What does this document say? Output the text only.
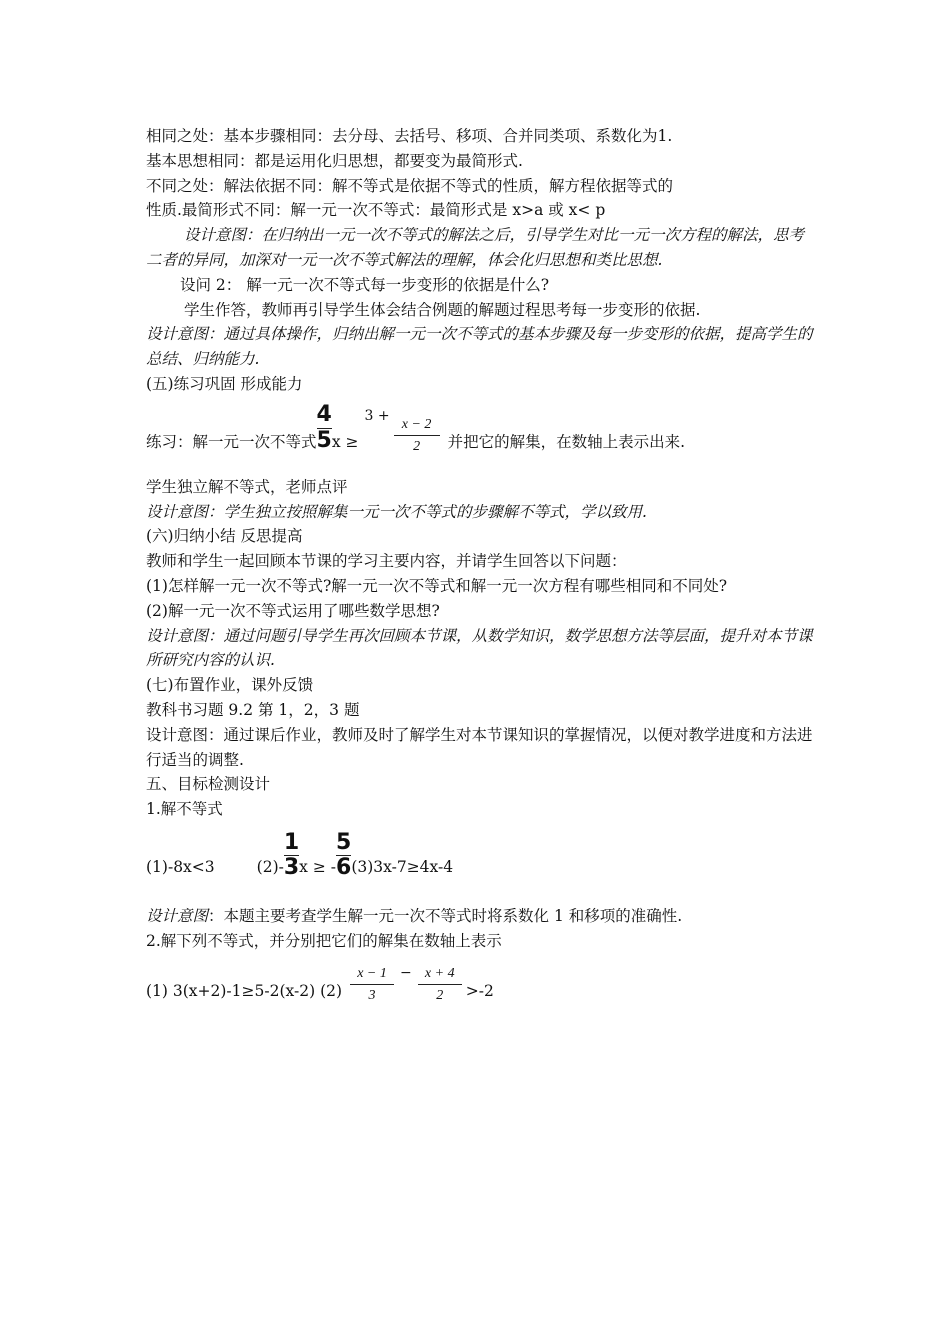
相同之处：基本步骤相同：去分母、去括号、移项、合并同类项、系数化为1.

基本思想相同：都是运用化归思想，都要变为最简形式.

不同之处：解法依据不同：解不等式是依据不等式的性质，解方程依据等式的

性质.最简形式不同：解一元一次不等式：最简形式是 x>a 或 x< p

设计意图：在归纳出一元一次不等式的解法之后，引导学生对比一元一次方程的解法，思考二者的异同，加深对一元一次不等式解法的理解，体会化归思想和类比思想.

设问 2： 解一元一次不等式每一步变形的依据是什么?

学生作答，教师再引导学生体会结合例题的解题过程思考每一步变形的依据.

设计意图：通过具体操作，归纳出解一元一次不等式的基本步骤及每一步变形的依据，提高学生的总结、归纳能力.

(五)练习巩固 形成能力

练习：解一元一次不等式 $\frac{4}{5}$ x ≥
3 +
$\frac{x - 2}{2}$ 并把它的解集，在数轴上表示出来.

学生独立解不等式，老师点评

设计意图：学生独立按照解集一元一次不等式的步骤解不等式，学以致用.

(六)归纳小结 反思提高

教师和学生一起回顾本节课的学习主要内容，并请学生回答以下问题：

(1)怎样解一元一次不等式?解一元一次不等式和解一元一次方程有哪些相同和不同处?

(2)解一元一次不等式运用了哪些数学思想?

设计意图：通过问题引导学生再次回顾本节课，从数学知识，数学思想方法等层面，提升对本节课所研究内容的认识.

(七)布置作业，课外反馈

教科书习题 9.2 第 1，2，3 题

设计意图：通过课后作业，教师及时了解学生对本节课知识的掌握情况，以便对教学进度和方法进行适当的调整.

五、目标检测设计

1.解不等式

(1)-8x<3	$(2)- \frac{1}{3}$ x ≥ - $\frac{5}{6} (3)3x-7\ge 4x-4$

设计意图：本题主要考查学生解一元一次不等式时将系数化 1 和移项的准确性.

2.解下列不等式，并分别把它们的解集在数轴上表示

(1) 3(x+2)-1≥5-2(x-2) $(2) \frac{x - 1}{3} - \frac{x + 4}{2} >-2$
